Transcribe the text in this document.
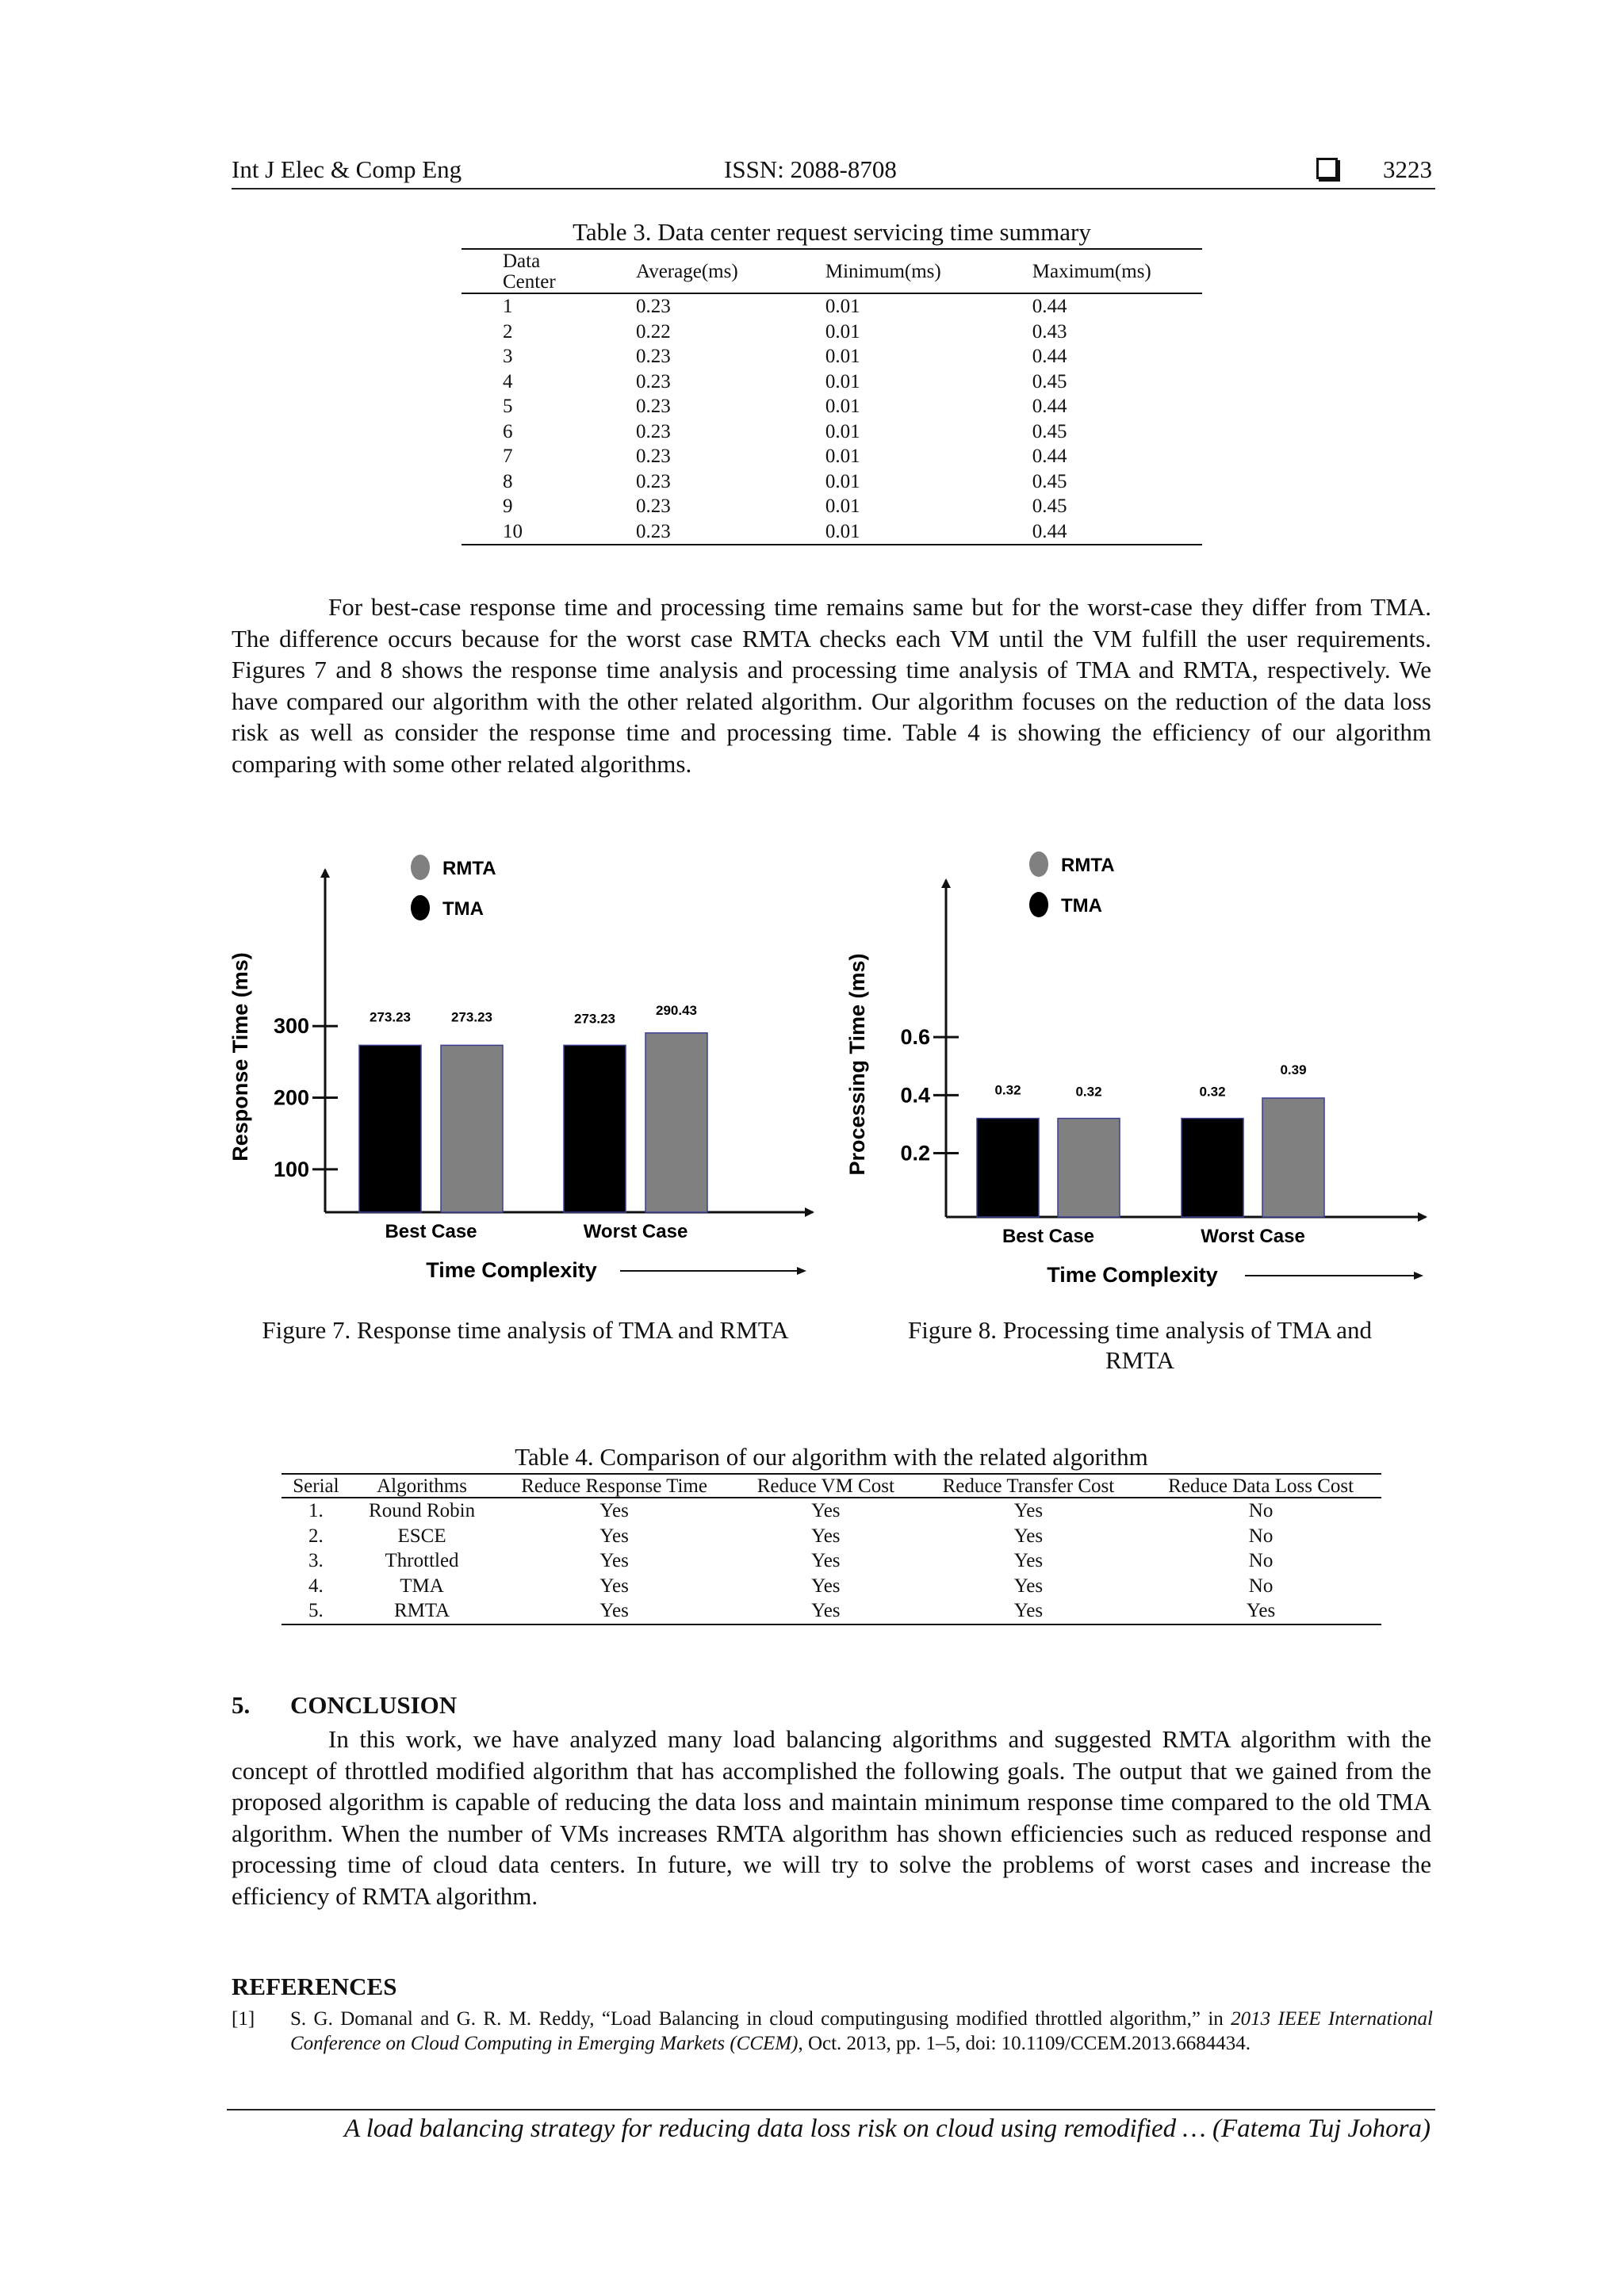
Int J Elec & Comp Eng	ISSN: 2088-8708	3223
Table 3. Data center request servicing time summary
Data Center	Average(ms)	Minimum(ms)	Maximum(ms)
1	0.23	0.01	0.44
2	0.22	0.01	0.43
3	0.23	0.01	0.44
4	0.23	0.01	0.45
5	0.23	0.01	0.44
6	0.23	0.01	0.45
7	0.23	0.01	0.44
8	0.23	0.01	0.45
9	0.23	0.01	0.45
10	0.23	0.01	0.44
For best-case response time and processing time remains same but for the worst-case they differ from TMA. The difference occurs because for the worst case RMTA checks each VM until the VM fulfill the user requirements. Figures 7 and 8 shows the response time analysis and processing time analysis of TMA and RMTA, respectively. We have compared our algorithm with the other related algorithm. Our algorithm focuses on the reduction of the data loss risk as well as consider the response time and processing time. Table 4 is showing the efficiency of our algorithm comparing with some other related algorithms.
100
200
300
Response Time (ms)	273.23	273.23
Best Case
273.23
290.43
Worst Case
Time Complexity
RMTA
TMA
Figure 7. Response time analysis of TMA and RMTA
0.2
0.4
0.6
Processing Time (ms)	0.32	0.32
Best Case
0.32
0.39
Worst Case
Time Complexity
RMTA
TMA
Figure 8. Processing time analysis of TMA and RMTA
Table 4. Comparison of our algorithm with the related algorithm
Serial	Algorithms	Reduce Response Time	Reduce VM Cost	Reduce Transfer Cost	Reduce Data Loss Cost
1.	Round Robin	Yes	Yes	Yes	No
2.	ESCE	Yes	Yes	Yes	No
3.	Throttled	Yes	Yes	Yes	No
4.	TMA	Yes	Yes	Yes	No
5.	RMTA	Yes	Yes	Yes	Yes
5. CONCLUSION
In this work, we have analyzed many load balancing algorithms and suggested RMTA algorithm with the concept of throttled modified algorithm that has accomplished the following goals. The output that we gained from the proposed algorithm is capable of reducing the data loss and maintain minimum response time compared to the old TMA algorithm. When the number of VMs increases RMTA algorithm has shown efficiencies such as reduced response and processing time of cloud data centers. In future, we will try to solve the problems of worst cases and increase the efficiency of RMTA algorithm.
REFERENCES
[1] S. G. Domanal and G. R. M. Reddy, “Load Balancing in cloud computingusing modified throttled algorithm,” in 2013 IEEE International Conference on Cloud Computing in Emerging Markets (CCEM), Oct. 2013, pp. 1–5, doi: 10.1109/CCEM.2013.6684434.
A load balancing strategy for reducing data loss risk on cloud using remodified … (Fatema Tuj Johora)
